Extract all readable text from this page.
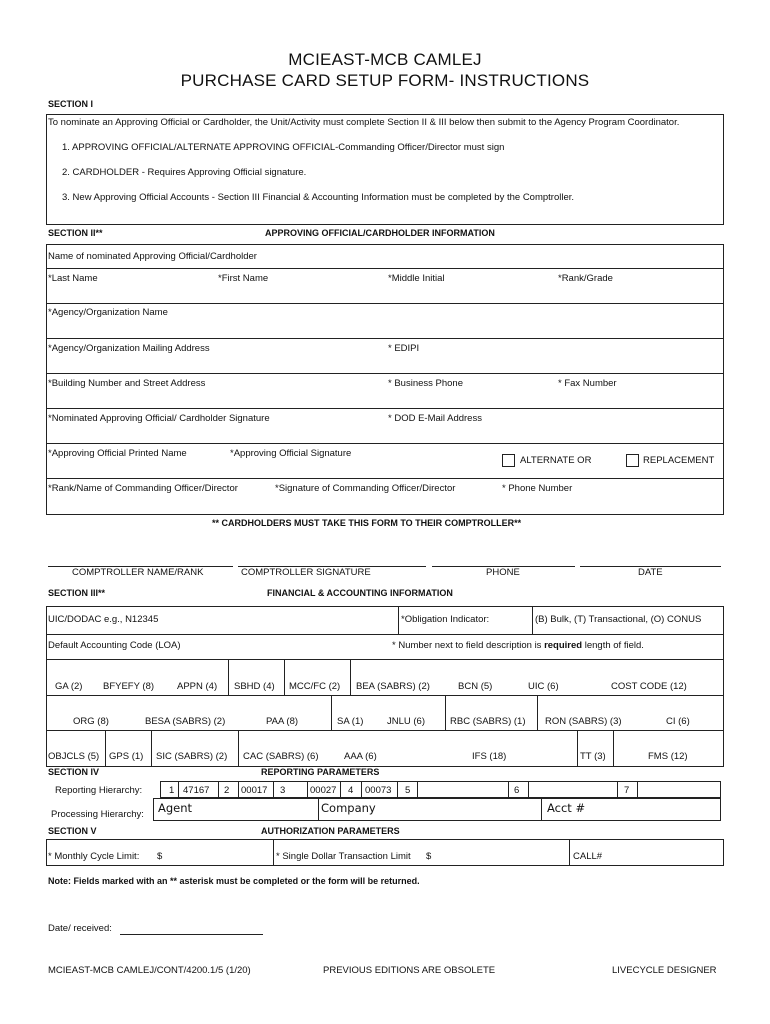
MCIEAST-MCB CAMLEJ
PURCHASE CARD SETUP FORM- INSTRUCTIONS
SECTION I
To nominate an Approving Official or Cardholder, the Unit/Activity must complete Section II & III below then submit to the Agency Program Coordinator.
1. APPROVING OFFICIAL/ALTERNATE APPROVING OFFICIAL-Commanding Officer/Director must sign
2. CARDHOLDER - Requires Approving Official signature.
3. New Approving Official Accounts - Section III Financial & Accounting Information must be completed by the Comptroller.
SECTION II**	APPROVING OFFICIAL/CARDHOLDER INFORMATION
Name of nominated Approving Official/Cardholder
*Last Name	*First Name	*Middle Initial	*Rank/Grade
*Agency/Organization Name
*Agency/Organization Mailing Address	* EDIPI
*Building Number and Street Address	* Business Phone	* Fax Number
*Nominated Approving Official/ Cardholder Signature	* DOD E-Mail Address
*Approving Official Printed Name	*Approving Official Signature
ALTERNATE OR	REPLACEMENT
*Rank/Name of Commanding Officer/Director	*Signature of Commanding Officer/Director	* Phone Number
** CARDHOLDERS MUST TAKE THIS FORM TO THEIR COMPTROLLER**
COMPTROLLER NAME/RANK	COMPTROLLER SIGNATURE	PHONE	DATE
SECTION III**	FINANCIAL & ACCOUNTING INFORMATION
UIC/DODAC e.g., N12345	*Obligation Indicator:	(B) Bulk, (T) Transactional, (O) CONUS
Default Accounting Code (LOA)	* Number next to field description is required length of field.
GA (2) BFYEFY (8) APPN (4) SBHD (4) MCC/FC (2) BEA (SABRS) (2)	BCN (5)	UIC (6)	COST CODE (12)
ORG (8)	BESA (SABRS) (2)	PAA (8)	SA (1) JNLU (6)	RBC (SABRS) (1) RON (SABRS) (3)	CI (6)
OBJCLS (5) GPS (1) SIC (SABRS) (2) CAC (SABRS) (6)	AAA (6)	IFS (18)	TT (3)	FMS (12)
SECTION IV	REPORTING PARAMETERS
Reporting Hierarchy:	1 47167 2 00017 3	00027 4 00073 5	6	7
Processing Hierarchy: Agent	Company	Acct #
SECTION V	AUTHORIZATION PARAMETERS
* Monthly Cycle Limit: $	* Single Dollar Transaction Limit $	CALL#
Note: Fields marked with an ** asterisk must be completed or the form will be returned.
Date/ received:
MCIEAST-MCB CAMLEJ/CONT/4200.1/5 (1/20)	PREVIOUS EDITIONS ARE OBSOLETE	LIVECYCLE DESIGNER
